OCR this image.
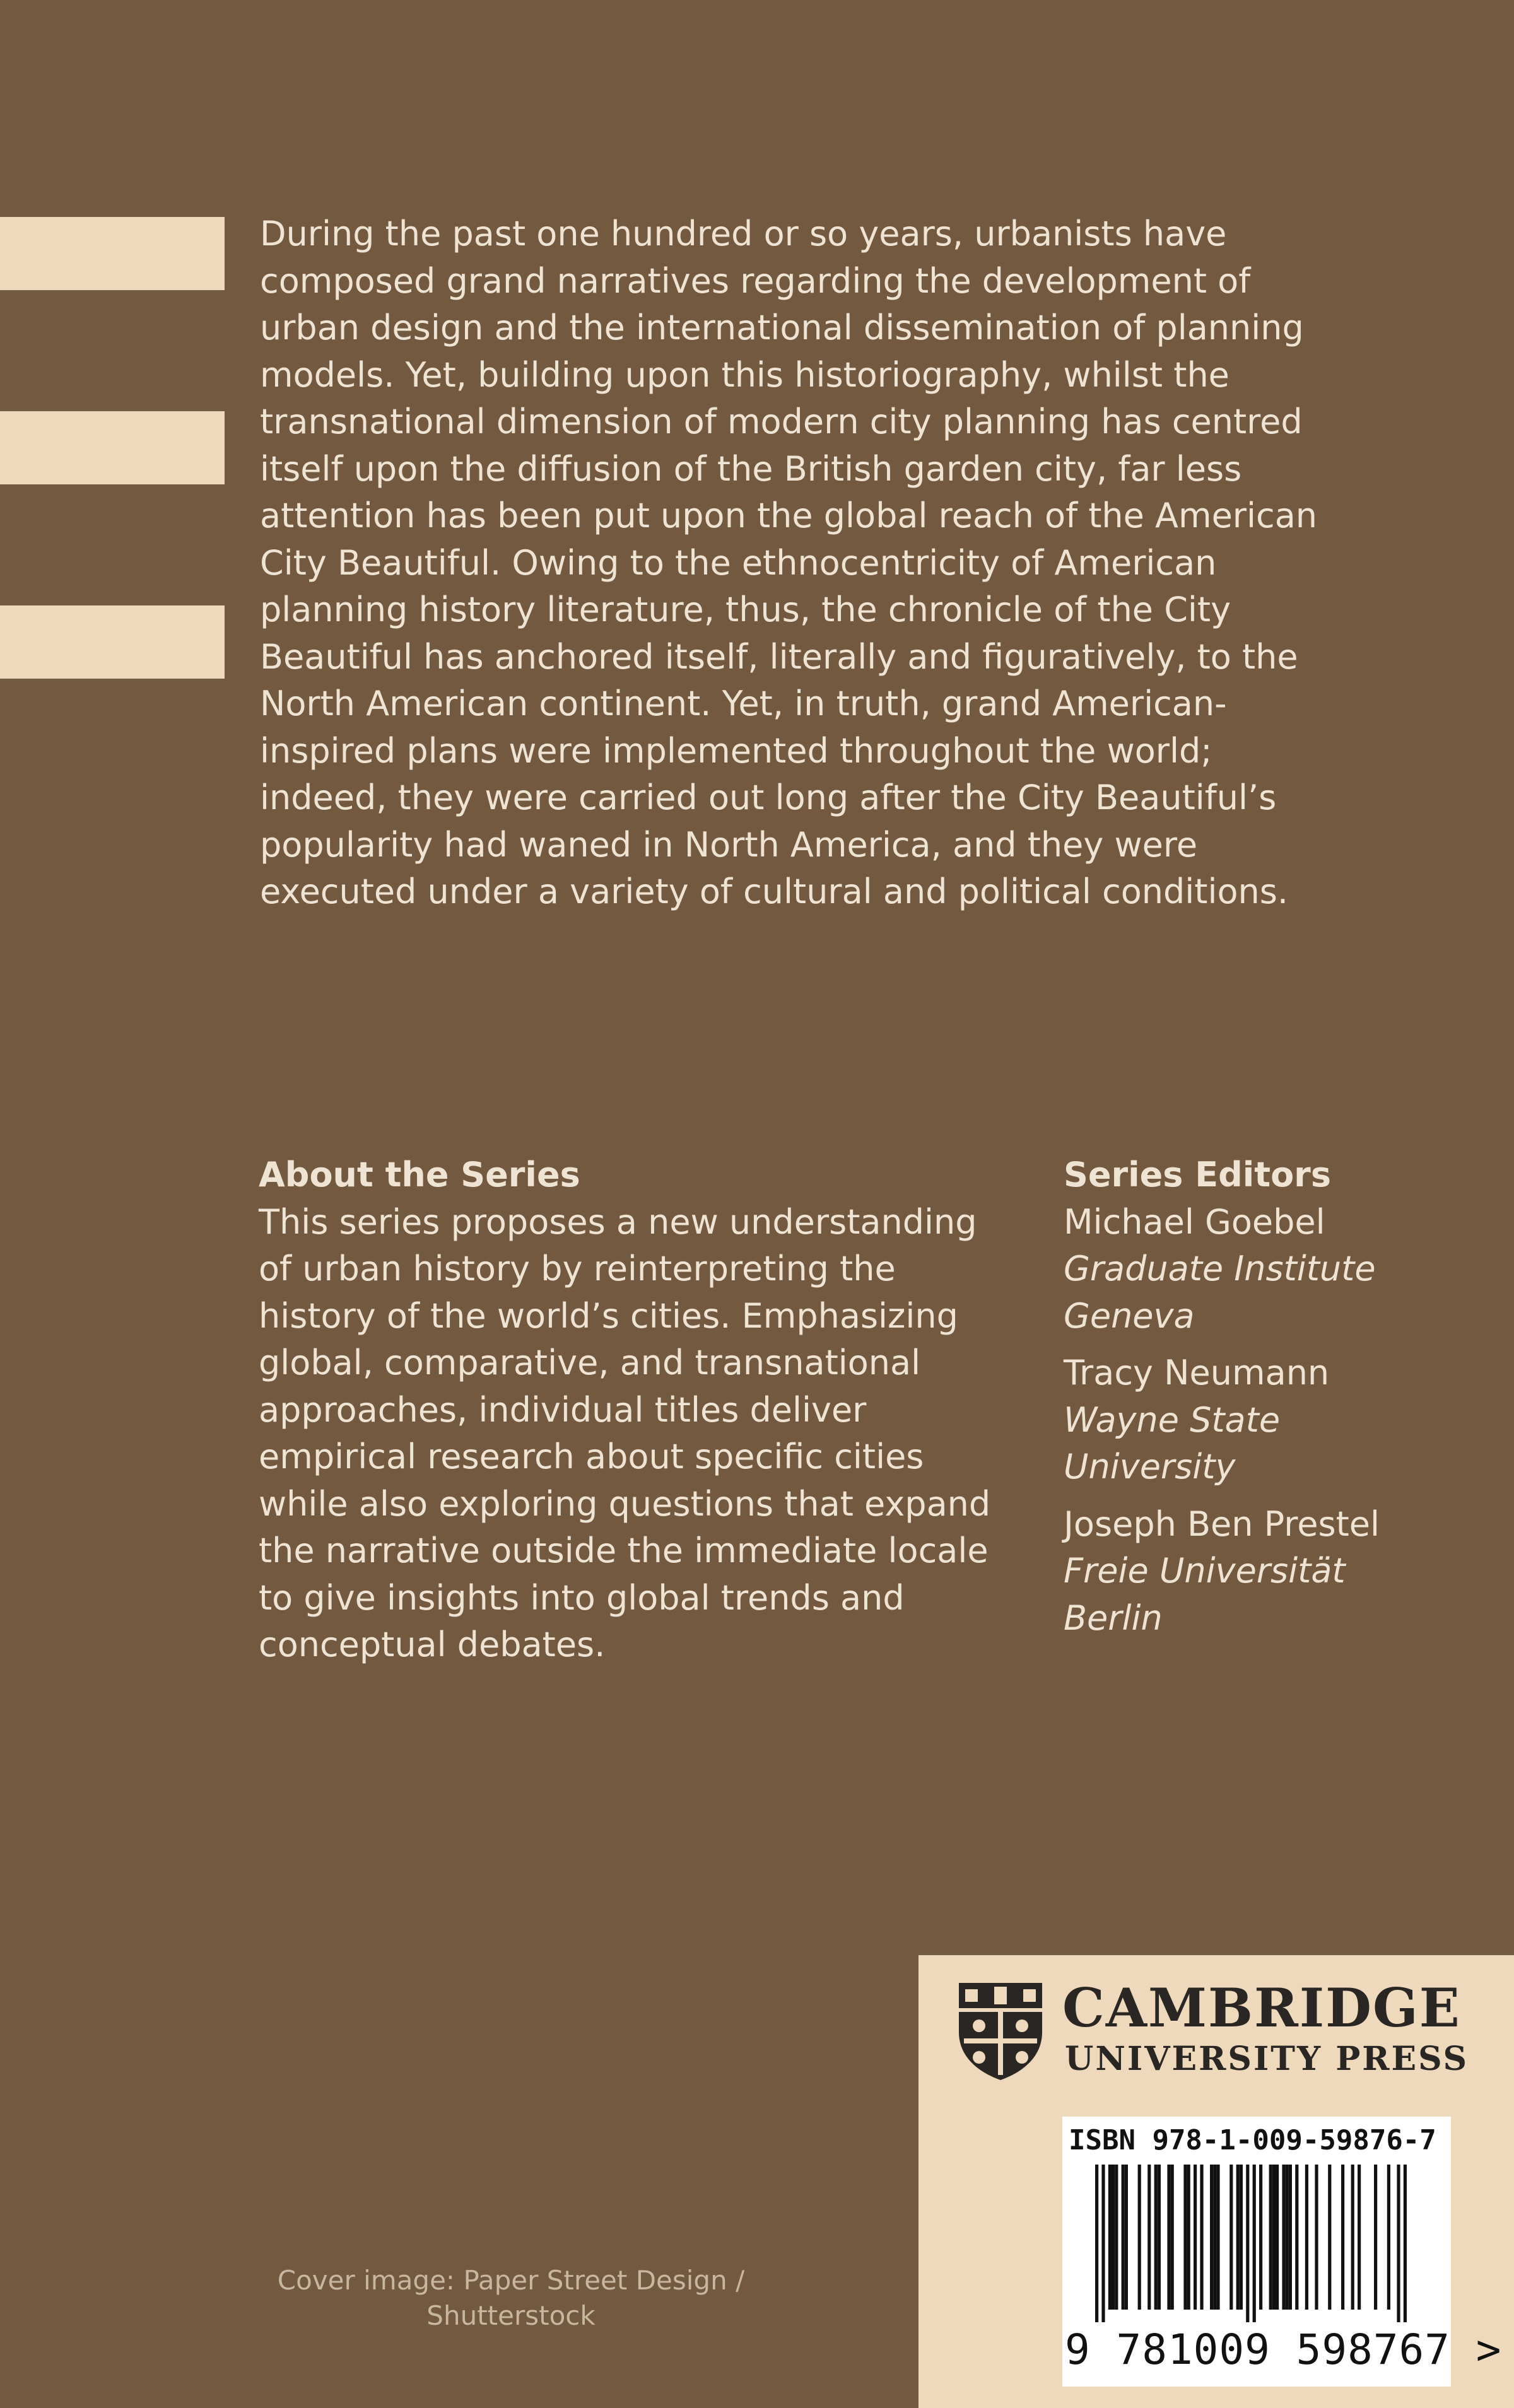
During the past one hundred or so years, urbanists have
composed grand narratives regarding the development of
urban design and the international dissemination of planning
models. Yet, building upon this historiography, whilst the
transnational dimension of modern city planning has centred
itself upon the diffusion of the British garden city, far less
attention has been put upon the global reach of the American
City Beautiful. Owing to the ethnocentricity of American
planning history literature, thus, the chronicle of the City
Beautiful has anchored itself, literally and figuratively, to the
North American continent. Yet, in truth, grand American-
inspired plans were implemented throughout the world;
indeed, they were carried out long after the City Beautiful’s
popularity had waned in North America, and they were
executed under a variety of cultural and political conditions.

About the Series
This series proposes a new understanding
of urban history by reinterpreting the
history of the world’s cities. Emphasizing
global, comparative, and transnational
approaches, individual titles deliver
empirical research about specific cities
while also exploring questions that expand
the narrative outside the immediate locale
to give insights into global trends and
conceptual debates.
Series Editors
Michael Goebel
Graduate Institute
Geneva
Tracy Neumann
Wayne State
University
Joseph Ben Prestel
Freie Universität
Berlin
Cover image: Paper Street Design /
Shutterstock
CAMBRIDGE
UNIVERSITY PRESS
ISBN 978-1-009-59876-7
9 781009 598767 >
